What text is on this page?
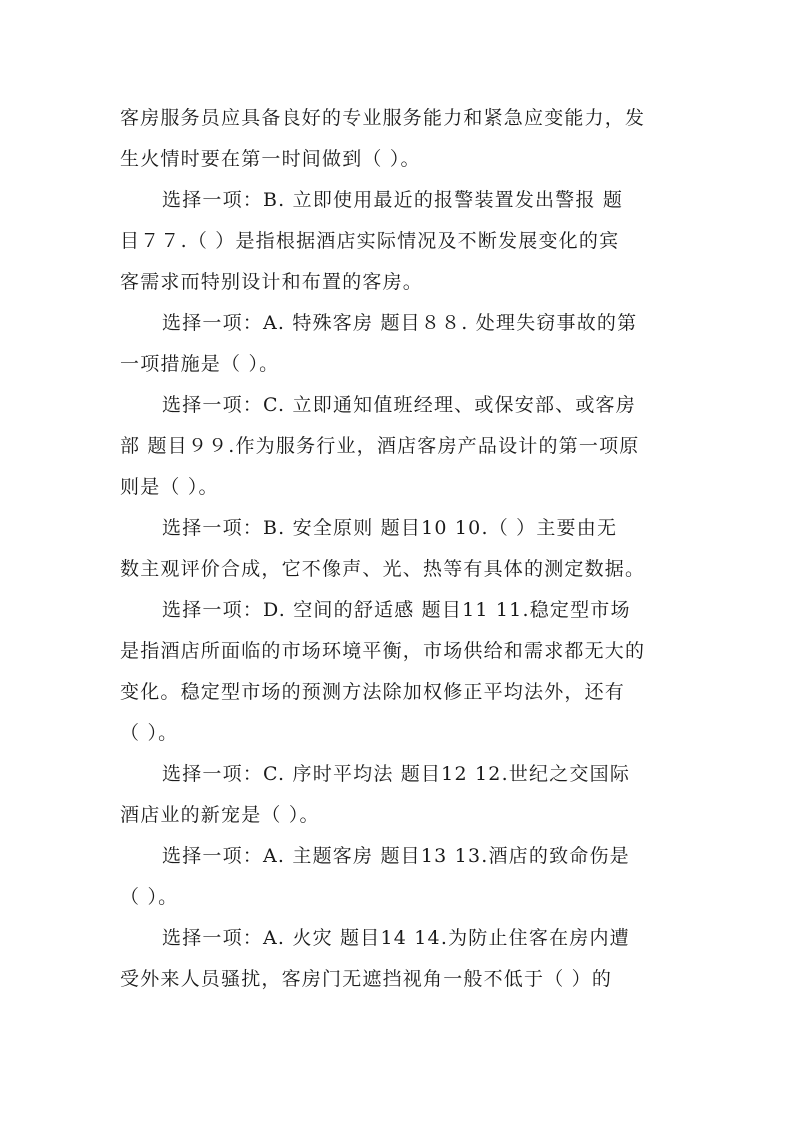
客房服务员应具备良好的专业服务能力和紧急应变能力，发
生火情时要在第一时间做到（ ）。
选择一项：B. 立即使用最近的报警装置发出警报 题
目７７.（ ）是指根据酒店实际情况及不断发展变化的宾
客需求而特别设计和布置的客房。
选择一项：A. 特殊客房 题目８８. 处理失窃事故的第
一项措施是（ ）。
选择一项：C. 立即通知值班经理、或保安部、或客房
部 题目９９.作为服务行业，酒店客房产品设计的第一项原
则是（ ）。
选择一项：B. 安全原则 题目10 10.（ ）主要由无
数主观评价合成，它不像声、光、热等有具体的测定数据。
选择一项：D. 空间的舒适感 题目11 11.稳定型市场
是指酒店所面临的市场环境平衡，市场供给和需求都无大的
变化。稳定型市场的预测方法除加权修正平均法外，还有
（ ）。
选择一项：C. 序时平均法 题目12 12.世纪之交国际
酒店业的新宠是（ ）。
选择一项：A. 主题客房 题目13 13.酒店的致命伤是
（ ）。
选择一项：A. 火灾 题目14 14.为防止住客在房内遭
受外来人员骚扰，客房门无遮挡视角一般不低于（ ）的
